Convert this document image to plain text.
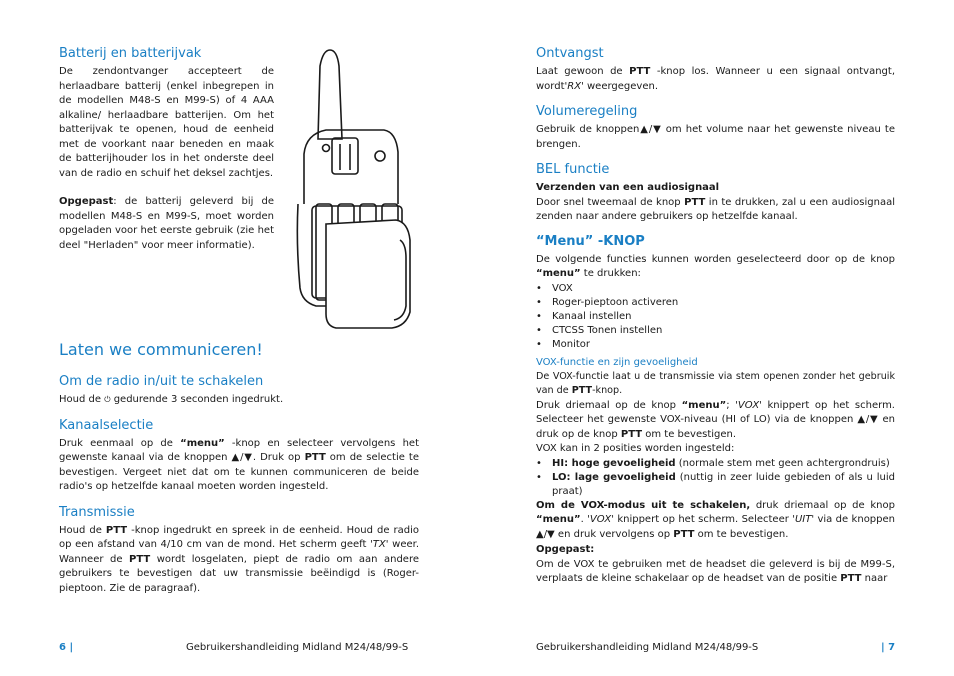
Batterij en batterijvak

De zendontvanger accepteert de herlaadbare batterij (enkel inbegrepen in de modellen M48-S en M99-S) of 4 AAA alkaline/ herlaadbare batterijen. Om het batterijvak te openen, houd de eenheid met de voorkant naar beneden en maak de batterijhouder los in het onderste deel van de radio en schuif het deksel zachtjes.

Opgepast: de batterij geleverd bij de modellen M48-S en M99-S, moet worden opgeladen voor het eerste gebruik (zie het deel "Herladen" voor meer informatie).

Laten we communiceren!
Om de radio in/uit te schakelen

Houd de ⏻ gedurende 3 seconden ingedrukt.

Kanaalselectie

Druk eenmaal op de “menu” -knop en selecteer vervolgens het gewenste kanaal via de knoppen ▲/▼. Druk op PTT om de selectie te bevestigen. Vergeet niet dat om te kunnen communiceren de beide radio's op hetzelfde kanaal moeten worden ingesteld.

Transmissie

Houd de PTT -knop ingedrukt en spreek in de eenheid. Houd de radio op een afstand van 4/10 cm van de mond. Het scherm geeft 'TX' weer. Wanneer de PTT wordt losgelaten, piept de radio om aan andere gebruikers te bevestigen dat uw transmissie beëindigd is (Roger-pieptoon. Zie de paragraaf).

6 |	Gebruikershandleiding Midland M24/48/99-S
Ontvangst

Laat gewoon de PTT -knop los. Wanneer u een signaal ontvangt, wordt'RX' weergegeven.

Volumeregeling

Gebruik de knoppen▲/▼ om het volume naar het gewenste niveau te brengen.

BEL functie

Verzenden van een audiosignaal

Door snel tweemaal de knop PTT in te drukken, zal u een audiosignaal zenden naar andere gebruikers op hetzelfde kanaal.

“Menu” -KNOP

De volgende functies kunnen worden geselecteerd door op de knop “menu” te drukken:

• VOX
• Roger-pieptoon activeren
• Kanaal instellen
• CTCSS Tonen instellen
• Monitor
VOX-functie en zijn gevoeligheid

De VOX-functie laat u de transmissie via stem openen zonder het gebruik van de PTT-knop.

Druk driemaal op de knop “menu”; 'VOX' knippert op het scherm. Selecteer het gewenste VOX-niveau (HI of LO) via de knoppen ▲/▼ en druk op de knop PTT om te bevestigen.

VOX kan in 2 posities worden ingesteld:

• HI: hoge gevoeligheid (normale stem met geen achtergrondruis)
• LO: lage gevoeligheid (nuttig in zeer luide gebieden of als u luid praat)

Om de VOX-modus uit te schakelen, druk driemaal op de knop “menu”. 'VOX' knippert op het scherm. Selecteer 'UIT' via de knoppen ▲/▼ en druk vervolgens op PTT om te bevestigen.

Opgepast:

Om de VOX te gebruiken met de headset die geleverd is bij de M99-S, verplaats de kleine schakelaar op de headset van de positie PTT naar

Gebruikershandleiding Midland M24/48/99-S	| 7
